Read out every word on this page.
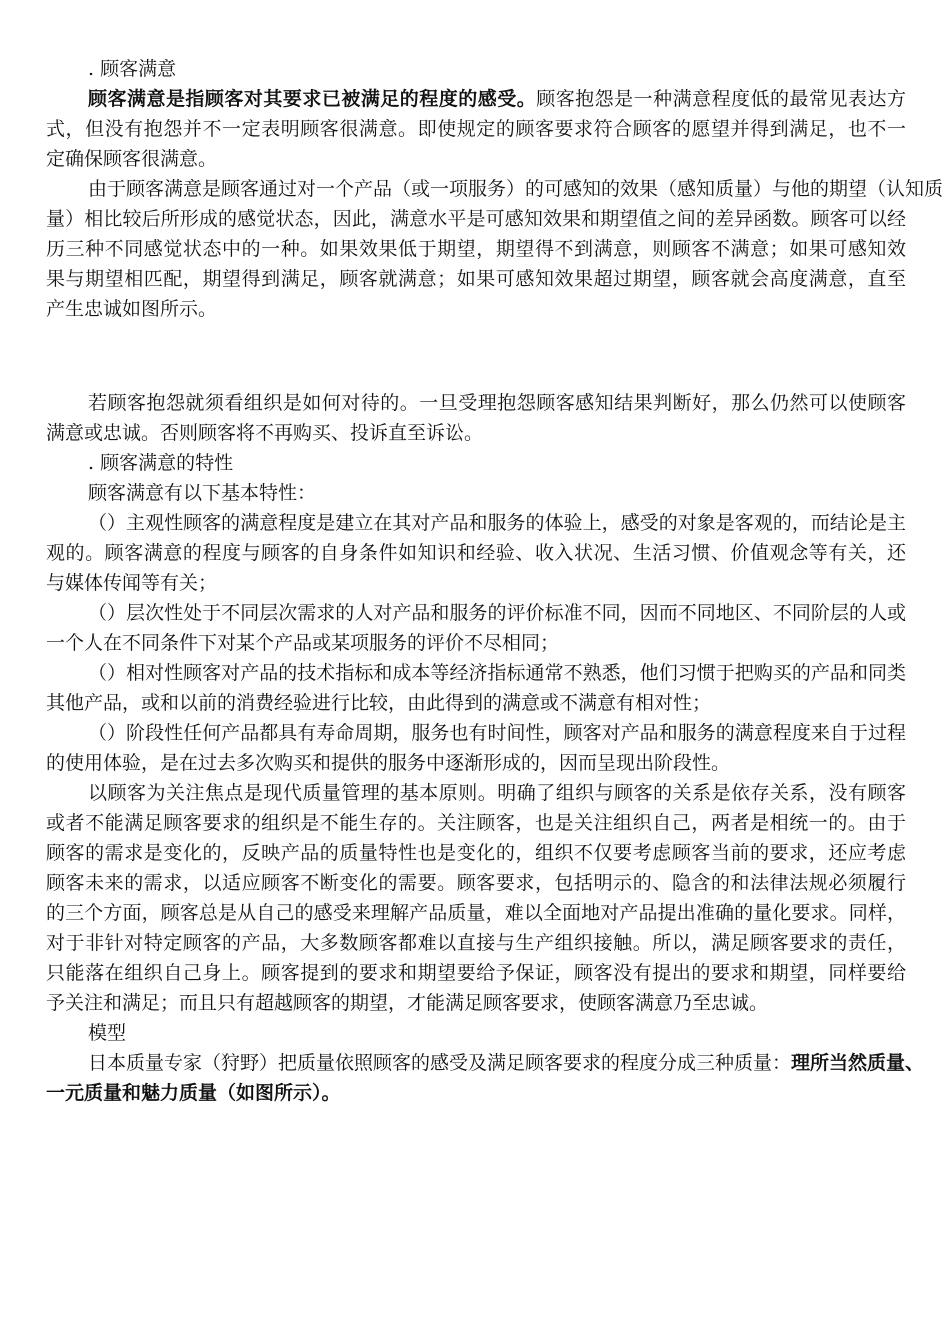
. 顾客满意
顾客满意是指顾客对其要求已被满足的程度的感受。顾客抱怨是一种满意程度低的最常见表达方
式，但没有抱怨并不一定表明顾客很满意。即使规定的顾客要求符合顾客的愿望并得到满足，也不一
定确保顾客很满意。
由于顾客满意是顾客通过对一个产品（或一项服务）的可感知的效果（感知质量）与他的期望（认知质
量）相比较后所形成的感觉状态，因此，满意水平是可感知效果和期望值之间的差异函数。顾客可以经
历三种不同感觉状态中的一种。如果效果低于期望，期望得不到满意，则顾客不满意；如果可感知效
果与期望相匹配，期望得到满足，顾客就满意；如果可感知效果超过期望，顾客就会高度满意，直至
产生忠诚如图所示。
若顾客抱怨就须看组织是如何对待的。一旦受理抱怨顾客感知结果判断好，那么仍然可以使顾客
满意或忠诚。否则顾客将不再购买、投诉直至诉讼。
. 顾客满意的特性
顾客满意有以下基本特性：
（）主观性顾客的满意程度是建立在其对产品和服务的体验上，感受的对象是客观的，而结论是主
观的。顾客满意的程度与顾客的自身条件如知识和经验、收入状况、生活习惯、价值观念等有关，还
与媒体传闻等有关；
（）层次性处于不同层次需求的人对产品和服务的评价标准不同，因而不同地区、不同阶层的人或
一个人在不同条件下对某个产品或某项服务的评价不尽相同；
（）相对性顾客对产品的技术指标和成本等经济指标通常不熟悉，他们习惯于把购买的产品和同类
其他产品，或和以前的消费经验进行比较，由此得到的满意或不满意有相对性；
（）阶段性任何产品都具有寿命周期，服务也有时间性，顾客对产品和服务的满意程度来自于过程
的使用体验，是在过去多次购买和提供的服务中逐渐形成的，因而呈现出阶段性。
以顾客为关注焦点是现代质量管理的基本原则。明确了组织与顾客的关系是依存关系，没有顾客
或者不能满足顾客要求的组织是不能生存的。关注顾客，也是关注组织自己，两者是相统一的。由于
顾客的需求是变化的，反映产品的质量特性也是变化的，组织不仅要考虑顾客当前的要求，还应考虑
顾客未来的需求，以适应顾客不断变化的需要。顾客要求，包括明示的、隐含的和法律法规必须履行
的三个方面，顾客总是从自己的感受来理解产品质量，难以全面地对产品提出准确的量化要求。同样，
对于非针对特定顾客的产品，大多数顾客都难以直接与生产组织接触。所以，满足顾客要求的责任，
只能落在组织自己身上。顾客提到的要求和期望要给予保证，顾客没有提出的要求和期望，同样要给
予关注和满足；而且只有超越顾客的期望，才能满足顾客要求，使顾客满意乃至忠诚。
模型
日本质量专家（狩野）把质量依照顾客的感受及满足顾客要求的程度分成三种质量：理所当然质量、
一元质量和魅力质量（如图所示）。
